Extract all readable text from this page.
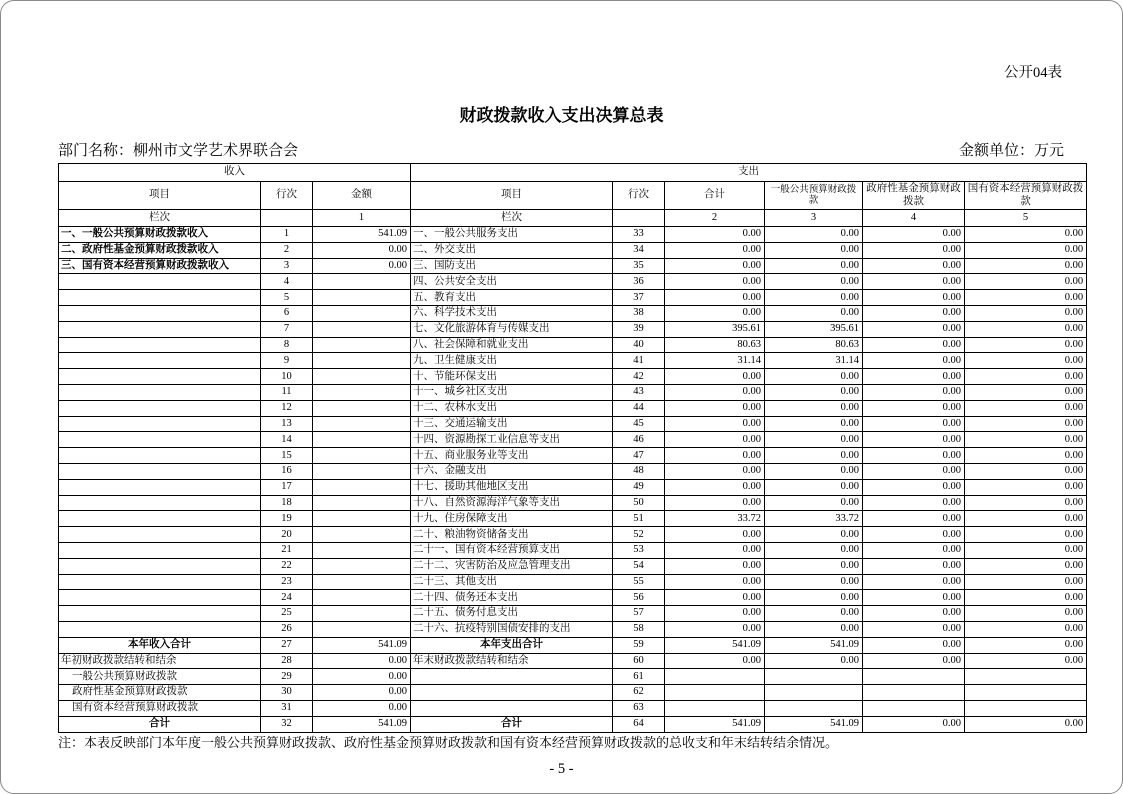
公开04表
财政拨款收入支出决算总表
部门名称：柳州市文学艺术界联合会	金额单位：万元
收入			支出					
项目	行次	金额	项目	行次	合计	一般公共预算财政拨款	政府性基金预算财政拨款	国有资本经营预算财政拨款
栏次		1	栏次		2	3	4	5
一、一般公共预算财政拨款收入	1	541.09	一、一般公共服务支出	33	0.00	0.00	0.00	0.00
二、政府性基金预算财政拨款收入	2	0.00	二、外交支出	34	0.00	0.00	0.00	0.00
三、国有资本经营预算财政拨款收入	3	0.00	三、国防支出	35	0.00	0.00	0.00	0.00
	4		四、公共安全支出	36	0.00	0.00	0.00	0.00
	5		五、教育支出	37	0.00	0.00	0.00	0.00
	6		六、科学技术支出	38	0.00	0.00	0.00	0.00
	7		七、文化旅游体育与传媒支出	39	395.61	395.61	0.00	0.00
	8		八、社会保障和就业支出	40	80.63	80.63	0.00	0.00
	9		九、卫生健康支出	41	31.14	31.14	0.00	0.00
	10		十、节能环保支出	42	0.00	0.00	0.00	0.00
	11		十一、城乡社区支出	43	0.00	0.00	0.00	0.00
	12		十二、农林水支出	44	0.00	0.00	0.00	0.00
	13		十三、交通运输支出	45	0.00	0.00	0.00	0.00
	14		十四、资源勘探工业信息等支出	46	0.00	0.00	0.00	0.00
	15		十五、商业服务业等支出	47	0.00	0.00	0.00	0.00
	16		十六、金融支出	48	0.00	0.00	0.00	0.00
	17		十七、援助其他地区支出	49	0.00	0.00	0.00	0.00
	18		十八、自然资源海洋气象等支出	50	0.00	0.00	0.00	0.00
	19		十九、住房保障支出	51	33.72	33.72	0.00	0.00
	20		二十、粮油物资储备支出	52	0.00	0.00	0.00	0.00
	21		二十一、国有资本经营预算支出	53	0.00	0.00	0.00	0.00
	22		二十二、灾害防治及应急管理支出	54	0.00	0.00	0.00	0.00
	23		二十三、其他支出	55	0.00	0.00	0.00	0.00
	24		二十四、债务还本支出	56	0.00	0.00	0.00	0.00
	25		二十五、债务付息支出	57	0.00	0.00	0.00	0.00
	26		二十六、抗疫特别国债安排的支出	58	0.00	0.00	0.00	0.00
本年收入合计	27	541.09	本年支出合计	59	541.09	541.09	0.00	0.00
年初财政拨款结转和结余	28	0.00	年末财政拨款结转和结余	60	0.00	0.00	0.00	0.00
一般公共预算财政拨款	29	0.00		61				
政府性基金预算财政拨款	30	0.00		62				
国有资本经营预算财政拨款	31	0.00		63				
合计	32	541.09	合计	64	541.09	541.09	0.00	0.00
注：本表反映部门本年度一般公共预算财政拨款、政府性基金预算财政拨款和国有资本经营预算财政拨款的总收支和年末结转结余情况。
- 5 -
